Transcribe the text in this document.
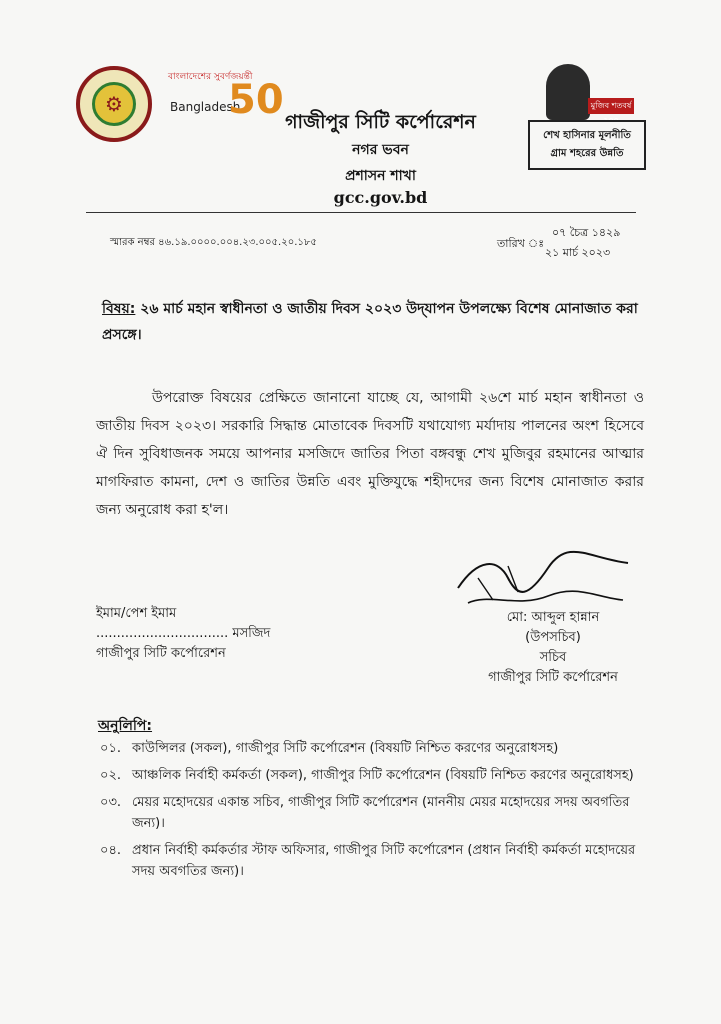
⚙
বাংলাদেশের সুবর্ণজয়ন্তী
Bangladesh
50	মুজিব শতবর্ষ
শেখ হাসিনার মূলনীতি
গ্রাম শহরের উন্নতি
গাজীপুর সিটি কর্পোরেশন
নগর ভবন
প্রশাসন শাখা
gcc.gov.bd
স্মারক নম্বর ৪৬.১৯.০০০০.০০৪.২৩.০০৫.২০.১৮৫	তারিখ ঃ
০৭ চৈত্র ১৪২৯
২১ মার্চ ২০২৩
বিষয়: ২৬ মার্চ মহান স্বাধীনতা ও জাতীয় দিবস ২০২৩ উদ্‌যাপন উপলক্ষ্যে বিশেষ মোনাজাত করা প্রসঙ্গে।
উপরোক্ত বিষয়ের প্রেক্ষিতে জানানো যাচ্ছে যে, আগামী ২৬শে মার্চ মহান স্বাধীনতা ও জাতীয় দিবস ২০২৩। সরকারি সিদ্ধান্ত মোতাবেক দিবসটি যথাযোগ্য মর্যাদায় পালনের অংশ হিসেবে ঐ দিন সুবিধাজনক সময়ে আপনার মসজিদে জাতির পিতা বঙ্গবন্ধু শেখ মুজিবুর রহমানের আত্মার মাগফিরাত কামনা, দেশ ও জাতির উন্নতি এবং মুক্তিযুদ্ধে শহীদদের জন্য বিশেষ মোনাজাত করার জন্য অনুরোধ করা হ'ল।
মো: আব্দুল হান্নান
(উপসচিব)
সচিব
গাজীপুর সিটি কর্পোরেশন
ইমাম/পেশ ইমাম
................................ মসজিদ
গাজীপুর সিটি কর্পোরেশন
অনুলিপি:
০১. কাউন্সিলর (সকল), গাজীপুর সিটি কর্পোরেশন (বিষয়টি নিশ্চিত করণের অনুরোধসহ)
০২. আঞ্চলিক নির্বাহী কর্মকর্তা (সকল), গাজীপুর সিটি কর্পোরেশন (বিষয়টি নিশ্চিত করণের অনুরোধসহ)
০৩. মেয়র মহোদয়ের একান্ত সচিব, গাজীপুর সিটি কর্পোরেশন (মাননীয় মেয়র মহোদয়ের সদয় অবগতির জন্য)।
০৪. প্রধান নির্বাহী কর্মকর্তার স্টাফ অফিসার, গাজীপুর সিটি কর্পোরেশন (প্রধান নির্বাহী কর্মকর্তা মহোদয়ের সদয় অবগতির জন্য)।
